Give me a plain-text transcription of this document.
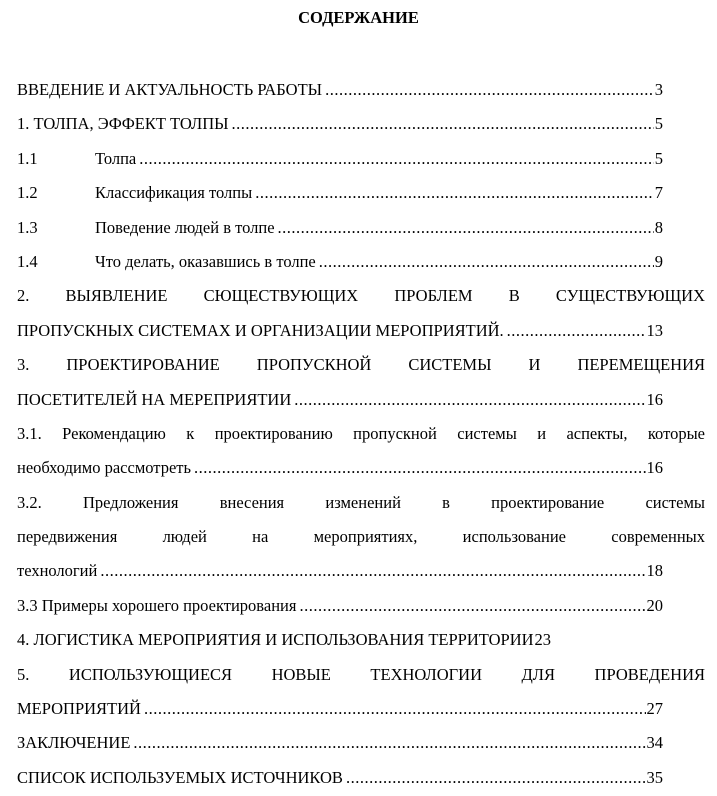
СОДЕРЖАНИЕ
ВВЕДЕНИЕ И АКТУАЛЬНОСТЬ РАБОТЫ .....	3
1. ТОЛПА, ЭФФЕКТ ТОЛПЫ .....	5
1.1	Толпа .....	5
1.2	Классификация толпы .....	7
1.3	Поведение людей в толпе .....	8
1.4	Что делать, оказавшись в толпе .....	9
2. ВЫЯВЛЕНИЕ СЮЩЕСТВУЮЩИХ ПРОБЛЕМ В СУЩЕСТВУЮЩИХ
ПРОПУСКНЫХ СИСТЕМАХ И ОРГАНИЗАЦИИ МЕРОПРИЯТИЙ. .....	13
3. ПРОЕКТИРОВАНИЕ ПРОПУСКНОЙ СИСТЕМЫ И ПЕРЕМЕЩЕНИЯ
ПОСЕТИТЕЛЕЙ НА МЕРЕПРИЯТИИ .....	16
3.1. Рекомендацию к проектированию пропускной системы и аспекты, которые
необходимо рассмотреть .....	16
3.2. Предложения внесения изменений в проектирование системы
передвижения людей на мероприятиях, использование современных
технологий .....	18
3.3 Примеры хорошего проектирования .....	20
4. ЛОГИСТИКА МЕРОПРИЯТИЯ И ИСПОЛЬЗОВАНИЯ ТЕРРИТОРИИ 23
5. ИСПОЛЬЗУЮЩИЕСЯ НОВЫЕ ТЕХНОЛОГИИ ДЛЯ ПРОВЕДЕНИЯ
МЕРОПРИЯТИЙ .....	27
ЗАКЛЮЧЕНИЕ .....	34
СПИСОК ИСПОЛЬЗУЕМЫХ ИСТОЧНИКОВ .....	35
